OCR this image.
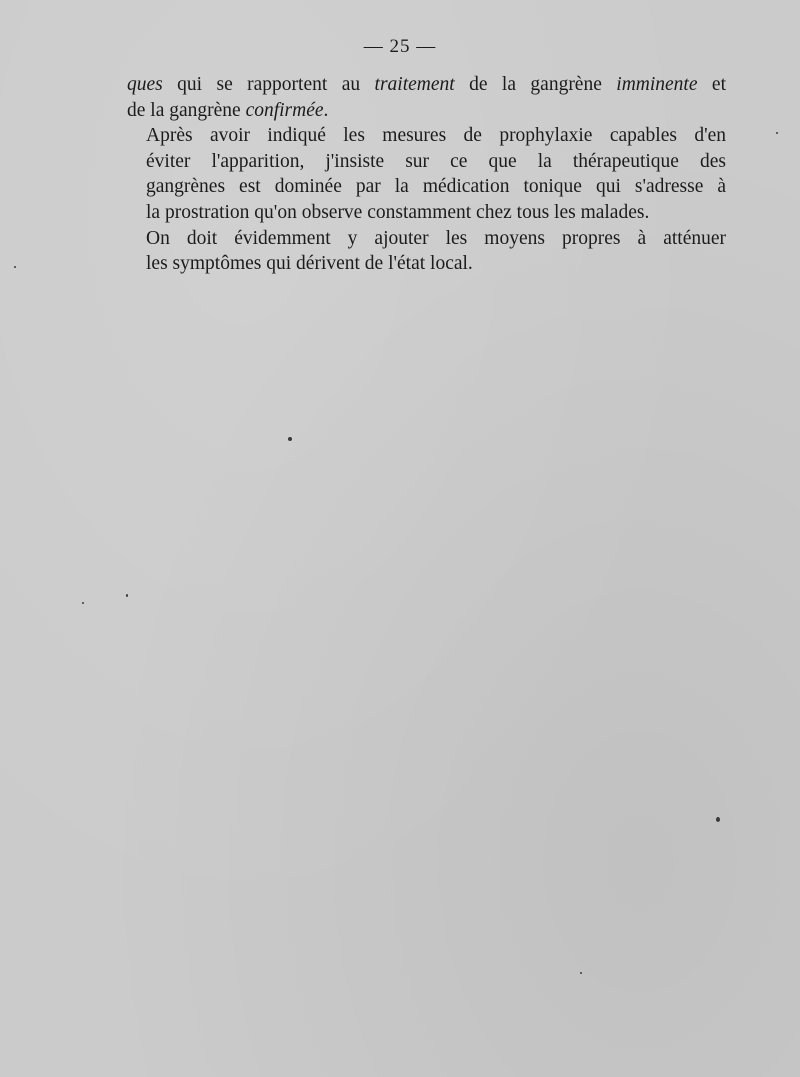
— 25 —

ques qui se rapportent au traitement de la gangrène imminente et
de la gangrène confirmée.

Après avoir indiqué les mesures de prophylaxie capables d'en
éviter l'apparition, j'insiste sur ce que la thérapeutique des
gangrènes est dominée par la médication tonique qui s'adresse à
la prostration qu'on observe constamment chez tous les malades.

On doit évidemment y ajouter les moyens propres à atténuer
les symptômes qui dérivent de l'état local.
